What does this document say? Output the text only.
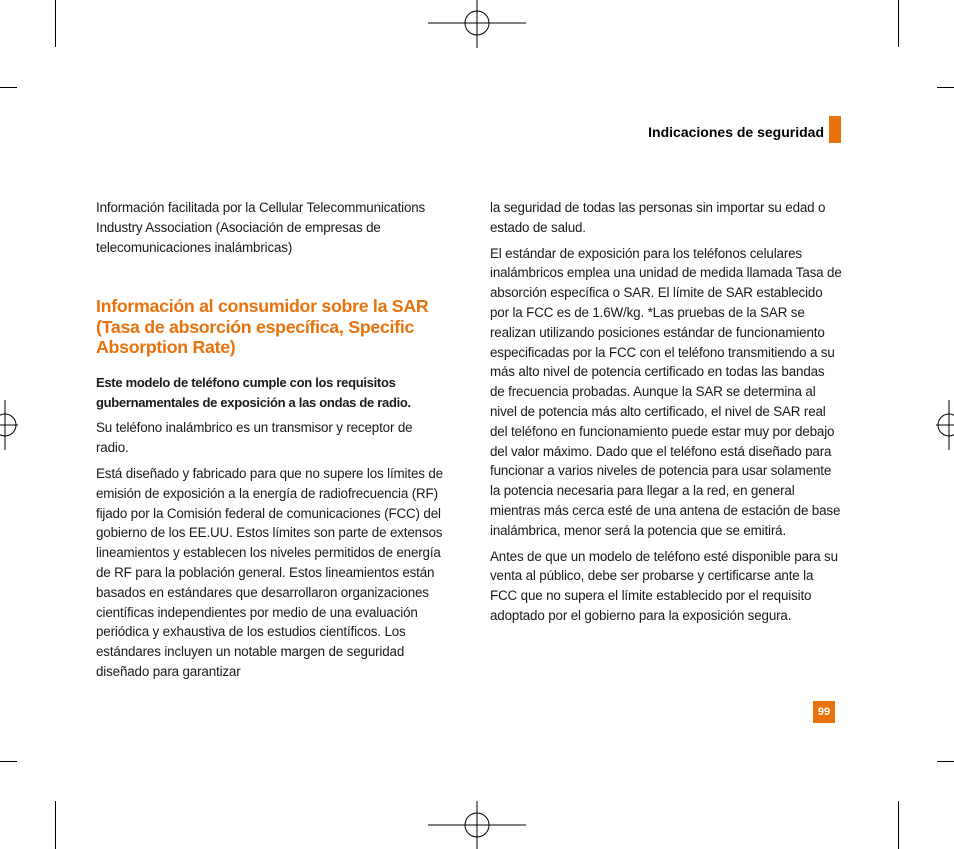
Indicaciones de seguridad

Información facilitada por la Cellular Telecommunications Industry Association (Asociación de empresas de telecomunicaciones inalámbricas)

Información al consumidor sobre la SAR (Tasa de absorción específica, Specific Absorption Rate)

Este modelo de teléfono cumple con los requisitos gubernamentales de exposición a las ondas de radio.

Su teléfono inalámbrico es un transmisor y receptor de radio.

Está diseñado y fabricado para que no supere los límites de emisión de exposición a la energía de radiofrecuencia (RF) fijado por la Comisión federal de comunicaciones (FCC) del gobierno de los EE.UU. Estos límites son parte de extensos lineamientos y establecen los niveles permitidos de energía de RF para la población general. Estos lineamientos están basados en estándares que desarrollaron organizaciones científicas independientes por medio de una evaluación periódica y exhaustiva de los estudios científicos. Los estándares incluyen un notable margen de seguridad diseñado para garantizar

la seguridad de todas las personas sin importar su edad o estado de salud.

El estándar de exposición para los teléfonos celulares inalámbricos emplea una unidad de medida llamada Tasa de absorción específica o SAR. El límite de SAR establecido por la FCC es de 1.6W/kg. *Las pruebas de la SAR se realizan utilizando posiciones estándar de funcionamiento especificadas por la FCC con el teléfono transmitiendo a su más alto nivel de potencia certificado en todas las bandas de frecuencia probadas. Aunque la SAR se determina al nivel de potencia más alto certificado, el nivel de SAR real del teléfono en funcionamiento puede estar muy por debajo del valor máximo. Dado que el teléfono está diseñado para funcionar a varios niveles de potencia para usar solamente la potencia necesaria para llegar a la red, en general mientras más cerca esté de una antena de estación de base inalámbrica, menor será la potencia que se emitirá.

Antes de que un modelo de teléfono esté disponible para su venta al público, debe ser probarse y certificarse ante la FCC que no supera el límite establecido por el requisito adoptado por el gobierno para la exposición segura.

99
